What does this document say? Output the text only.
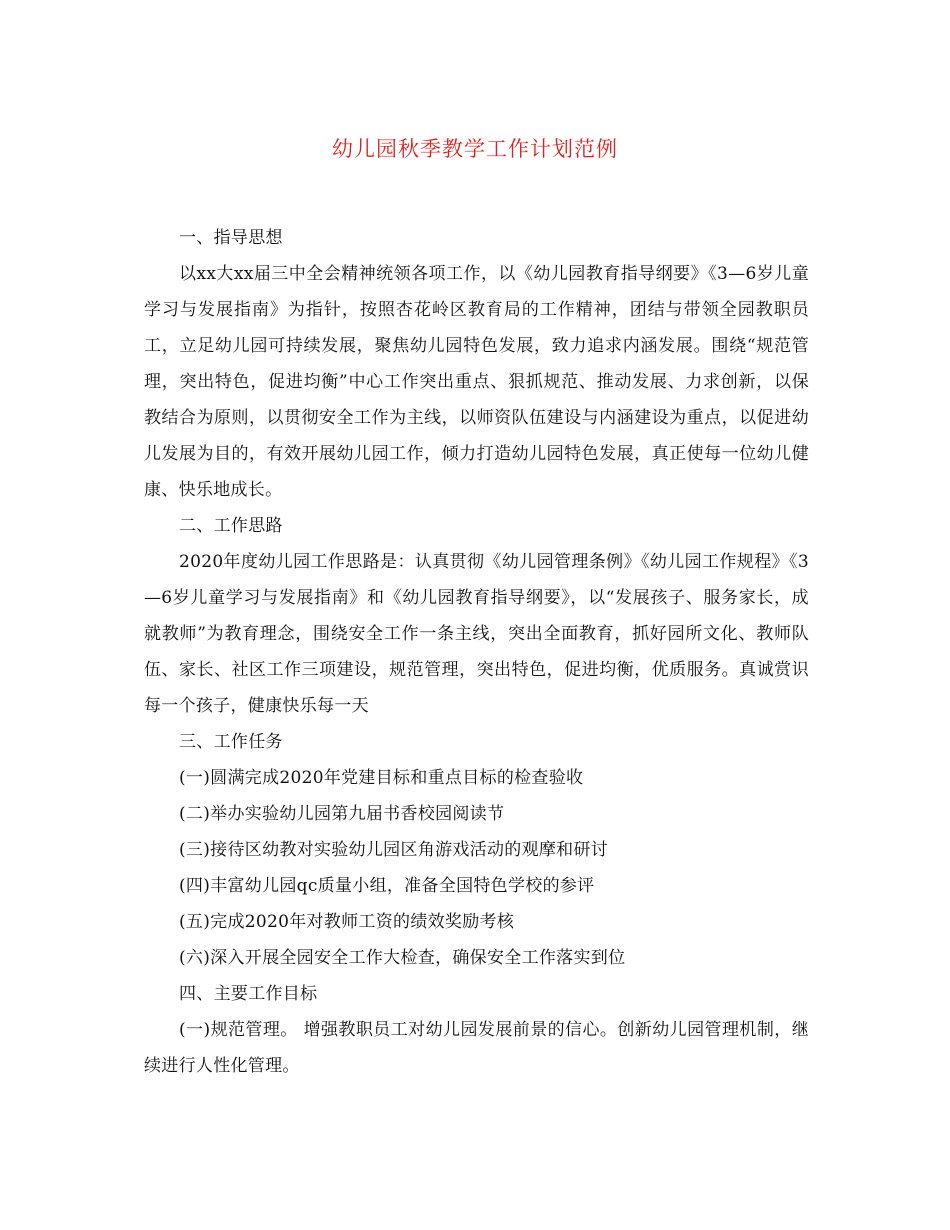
幼儿园秋季教学工作计划范例

一、指导思想

以xx大xx届三中全会精神统领各项工作，以《幼儿园教育指导纲要》《3—6岁儿童学习与发展指南》为指针，按照杏花岭区教育局的工作精神，团结与带领全园教职员工，立足幼儿园可持续发展，聚焦幼儿园特色发展，致力追求内涵发展。围绕“规范管理，突出特色，促进均衡”中心工作突出重点、狠抓规范、推动发展、力求创新，以保教结合为原则，以贯彻安全工作为主线，以师资队伍建设与内涵建设为重点，以促进幼儿发展为目的，有效开展幼儿园工作，倾力打造幼儿园特色发展，真正使每一位幼儿健康、快乐地成长。

二、工作思路

2020年度幼儿园工作思路是：认真贯彻《幼儿园管理条例》《幼儿园工作规程》《3—6岁儿童学习与发展指南》和《幼儿园教育指导纲要》，以“发展孩子、服务家长，成就教师”为教育理念，围绕安全工作一条主线，突出全面教育，抓好园所文化、教师队伍、家长、社区工作三项建设，规范管理，突出特色，促进均衡，优质服务。真诚赏识每一个孩子，健康快乐每一天

三、工作任务

(一)圆满完成2020年党建目标和重点目标的检查验收

(二)举办实验幼儿园第九届书香校园阅读节

(三)接待区幼教对实验幼儿园区角游戏活动的观摩和研讨

(四)丰富幼儿园qc质量小组，准备全国特色学校的参评

(五)完成2020年对教师工资的绩效奖励考核

(六)深入开展全园安全工作大检查，确保安全工作落实到位

四、主要工作目标

(一)规范管理。 增强教职员工对幼儿园发展前景的信心。创新幼儿园管理机制，继续进行人性化管理。
